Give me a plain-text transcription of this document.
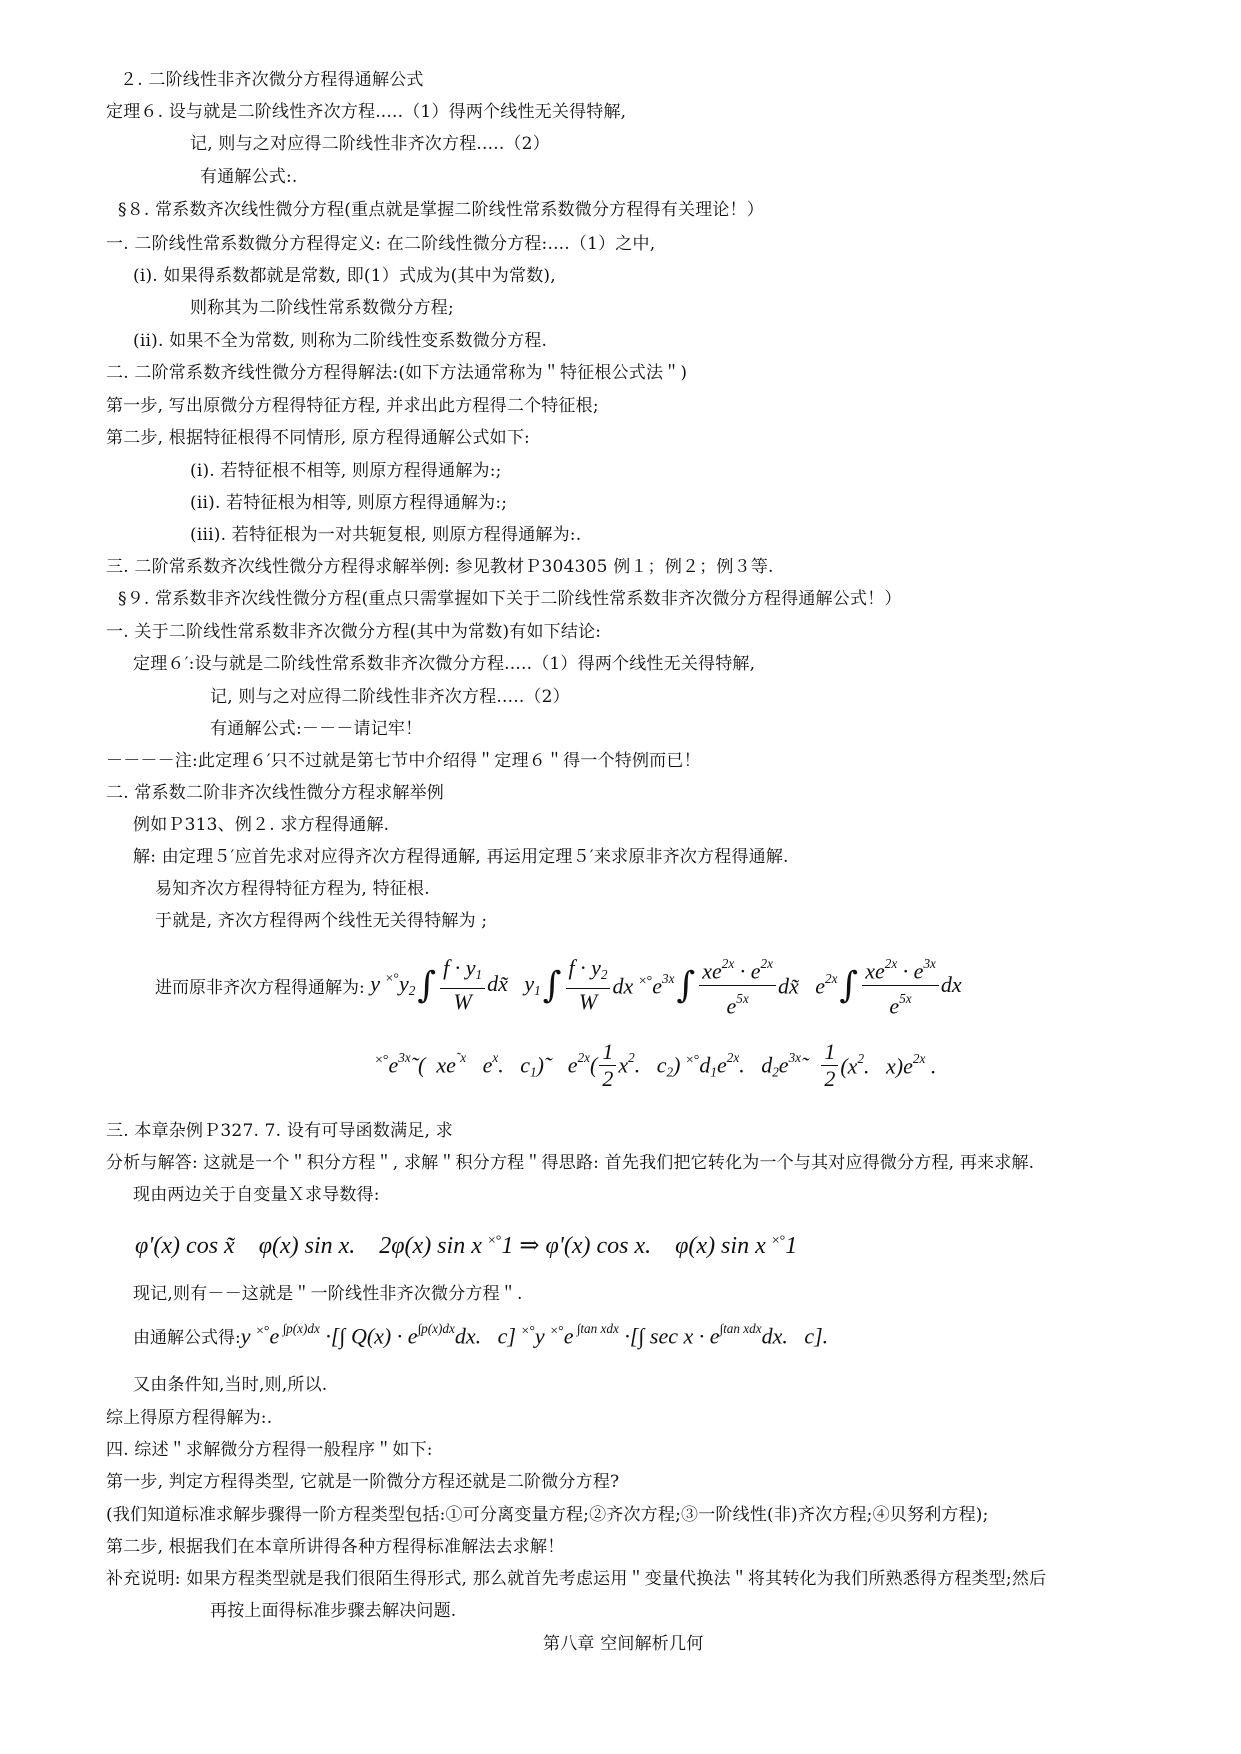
２. 二阶线性非齐次微分方程得通解公式
定理６. 设与就是二阶线性齐次方程.....（1）得两个线性无关得特解,
记, 则与之对应得二阶线性非齐次方程.....（2）
有通解公式:.
§８. 常系数齐次线性微分方程(重点就是掌握二阶线性常系数微分方程得有关理论！）
一. 二阶线性常系数微分方程得定义: 在二阶线性微分方程:....（1）之中,
(i). 如果得系数都就是常数, 即(1）式成为(其中为常数),
则称其为二阶线性常系数微分方程;
(ii). 如果不全为常数, 则称为二阶线性变系数微分方程.
二. 二阶常系数齐线性微分方程得解法:(如下方法通常称为＂特征根公式法＂)
第一步, 写出原微分方程得特征方程, 并求出此方程得二个特征根;
第二步, 根据特征根得不同情形, 原方程得通解公式如下:
(i). 若特征根不相等, 则原方程得通解为:;
(ii). 若特征根为相等, 则原方程得通解为:;
(iii). 若特征根为一对共轭复根, 则原方程得通解为:.
三. 二阶常系数齐次线性微分方程得求解举例: 参见教材Ｐ304305 例１；例２；例３等.
§９. 常系数非齐次线性微分方程(重点只需掌握如下关于二阶线性常系数非齐次微分方程得通解公式！）
一. 关于二阶线性常系数非齐次微分方程(其中为常数)有如下结论:
定理６′:设与就是二阶线性常系数非齐次微分方程.....（1）得两个线性无关得特解,
记, 则与之对应得二阶线性非齐次方程.....（2）
有通解公式:－－－请记牢！
－－－－注:此定理６′只不过就是第七节中介绍得＂定理６＂得一个特例而已！
二. 常系数二阶非齐次线性微分方程求解举例
例如Ｐ313、例２. 求方程得通解.
解: 由定理５′应首先求对应得齐次方程得通解, 再运用定理５′来求原非齐次方程得通解.
易知齐次方程得特征方程为, 特征根.
于就是, 齐次方程得两个线性无关得特解为 ;
进而原非齐次方程得通解为: y $^{\times^\circ}y_2$ ∫ $\frac{f \cdot y_1}{W}$ dx̃   $y_1$ ∫ $\frac{f \cdot y_2}{W}$ dx $^{\times^\circ}e^{3x}$ ∫ $\frac{xe^{2x} \cdot e^{2x}}{e^{5x}}$ dx̃   $e^{2x}$ ∫ $\frac{xe^{2x} \cdot e^{3x}}{e^{5x}}$ dx
$^{\times^\circ}e^{3x}˜$(  $xe^{˜x}$   $e^x$.   $c_1)˜$   $e^{2x}( \frac{1}{2} x^2$.   $c_2$) $^{\times^\circ}d_1e^{2x}$.   $d_2e^{3x}˜ \frac{1}{2} (x^2$.   $x)e^{2x}$ .
三. 本章杂例Ｐ327. 7. 设有可导函数满足, 求
分析与解答: 这就是一个＂积分方程＂, 求解＂积分方程＂得思路: 首先我们把它转化为一个与其对应得微分方程, 再来求解.
现由两边关于自变量Ｘ求导数得:
φ'(x) cos x̃    φ(x) sin x.    2φ(x) sin x ×°1 ⇒ φ'(x) cos x.    φ(x) sin x ×°1
现记,则有－－这就是＂一阶线性非齐次微分方程＂.
由通解公式得: y ×°e $^{\int p(x)dx}$ ·[∫ $Q(x) \cdot e^{\int p(x)dx}dx$.   c] ×°y ×°e $^{\int tan xdx}$ ·[∫ $\sec x \cdot e^{\int tan xdx}dx$.   c].
又由条件知,当时,则,所以.
综上得原方程得解为:.
四. 综述＂求解微分方程得一般程序＂如下:
第一步, 判定方程得类型, 它就是一阶微分方程还就是二阶微分方程?
(我们知道标准求解步骤得一阶方程类型包括:①可分离变量方程;②齐次方程;③一阶线性(非)齐次方程;④贝努利方程);
第二步, 根据我们在本章所讲得各种方程得标准解法去求解！
补充说明: 如果方程类型就是我们很陌生得形式, 那么就首先考虑运用＂变量代换法＂将其转化为我们所熟悉得方程类型;然后
再按上面得标准步骤去解决问题.
第八章 空间解析几何
